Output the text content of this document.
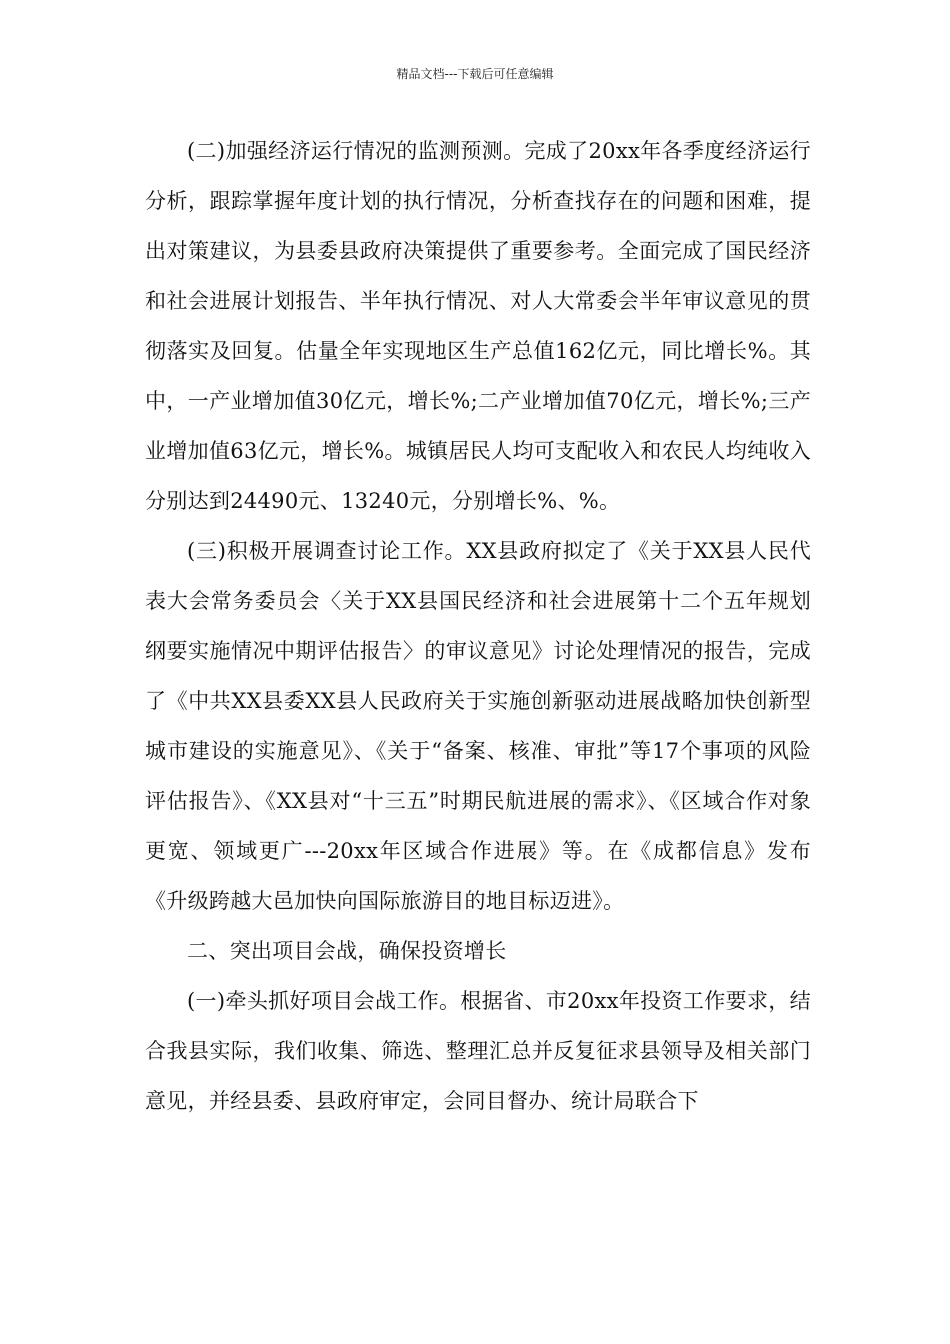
精品文档---下载后可任意编辑

(二)加强经济运行情况的监测预测。完成了20xx年各季度经济运行分析，跟踪掌握年度计划的执行情况，分析查找存在的问题和困难，提出对策建议，为县委县政府决策提供了重要参考。全面完成了国民经济和社会进展计划报告、半年执行情况、对人大常委会半年审议意见的贯彻落实及回复。估量全年实现地区生产总值162亿元，同比增长%。其中，一产业增加值30亿元，增长%;二产业增加值70亿元，增长%;三产业增加值63亿元，增长%。城镇居民人均可支配收入和农民人均纯收入分别达到24490元、13240元，分别增长%、%。

(三)积极开展调查讨论工作。XX县政府拟定了《关于XX县人民代表大会常务委员会〈关于XX县国民经济和社会进展第十二个五年规划纲要实施情况中期评估报告〉的审议意见》讨论处理情况的报告，完成了《中共XX县委XX县人民政府关于实施创新驱动进展战略加快创新型城市建设的实施意见》、《关于“备案、核准、审批”等17个事项的风险评估报告》、《XX县对“十三五”时期民航进展的需求》、《区域合作对象更宽、领域更广---20xx年区域合作进展》等。在《成都信息》发布《升级跨越大邑加快向国际旅游目的地目标迈进》。

二、突出项目会战，确保投资增长

(一)牵头抓好项目会战工作。根据省、市20xx年投资工作要求，结合我县实际，我们收集、筛选、整理汇总并反复征求县领导及相关部门意见，并经县委、县政府审定，会同目督办、统计局联合下
